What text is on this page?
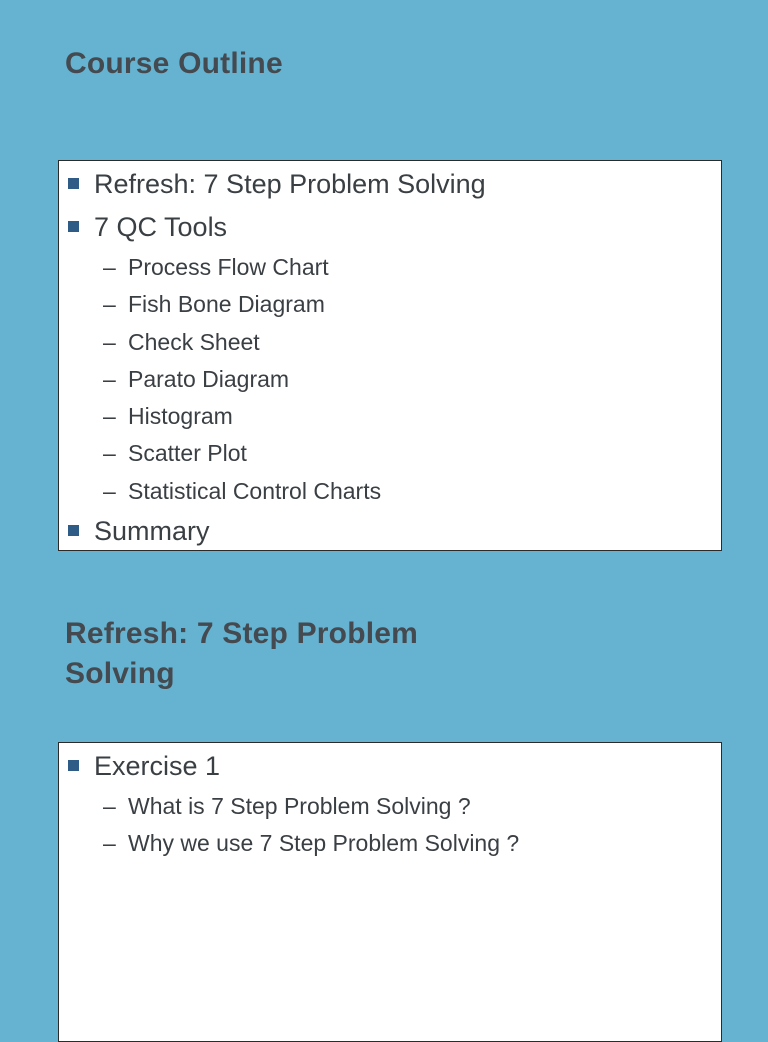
Course Outline
Refresh: 7 Step Problem Solving
7 QC Tools
– Process Flow Chart
– Fish Bone Diagram
– Check Sheet
– Parato Diagram
– Histogram
– Scatter Plot
– Statistical Control Charts
Summary
Refresh: 7 Step Problem Solving
Exercise 1
– What is 7 Step Problem Solving ?
– Why we use 7 Step Problem Solving ?
